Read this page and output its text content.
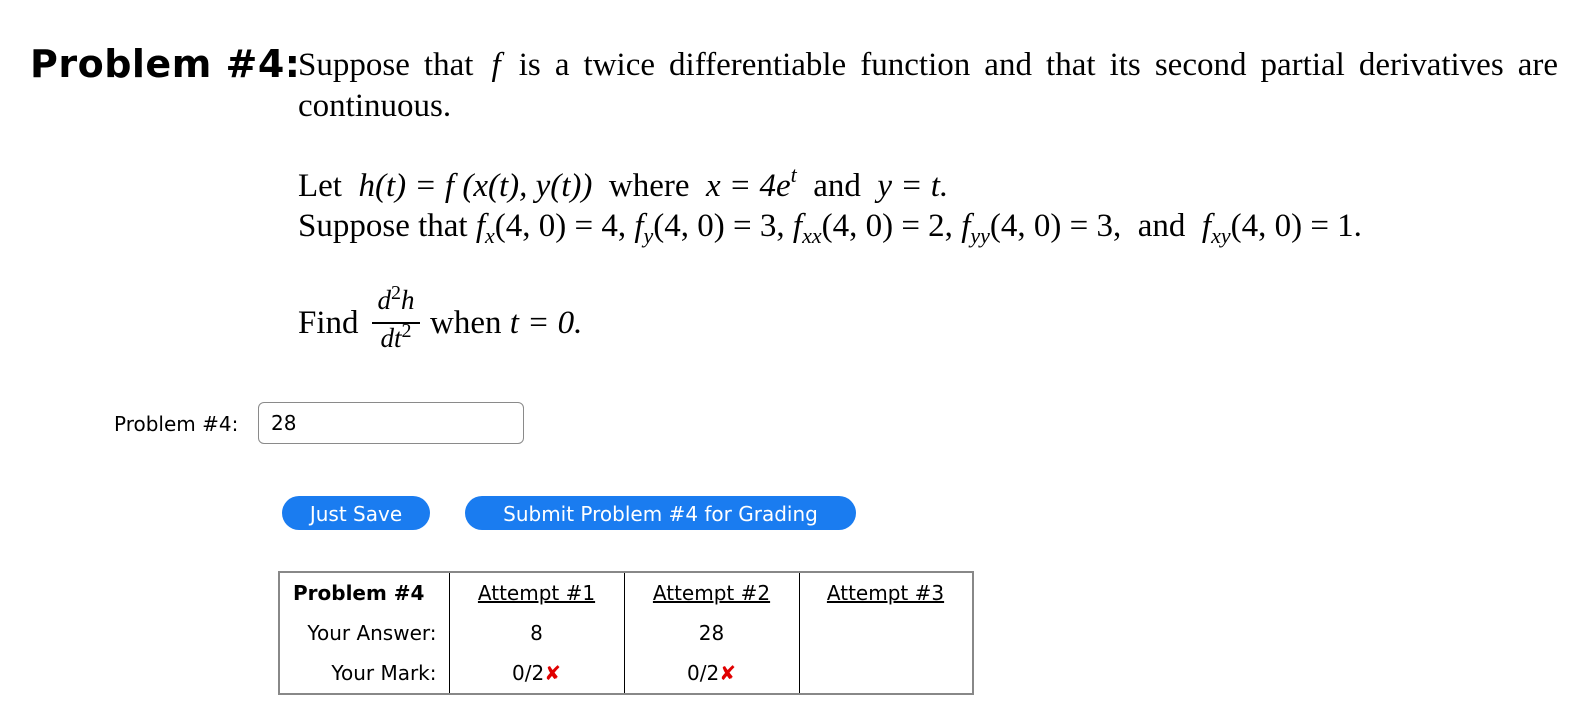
Problem #4:
Suppose that f is a twice differentiable function and that its second partial derivatives are
continuous.
Let h(t) = f (x(t), y(t)) where $x = 4e^t$ and y = t.
Suppose that $f_x(4$, 0) = 4, $f_y(4$, 0) = 3, $f_{xx}(4$, 0) = 2, $f_{yy}(4$, 0) = 3, and $f_{xy}(4$, 0) = 1.
Find
$d^2h$
$dt^2$ when t = 0.
Problem #4:	28
Just Save	Submit Problem #4 for Grading
Problem #4	Attempt #1	Attempt #2	Attempt #3
Your Answer:	8	28	
Your Mark:	0/2✘	0/2✘	
